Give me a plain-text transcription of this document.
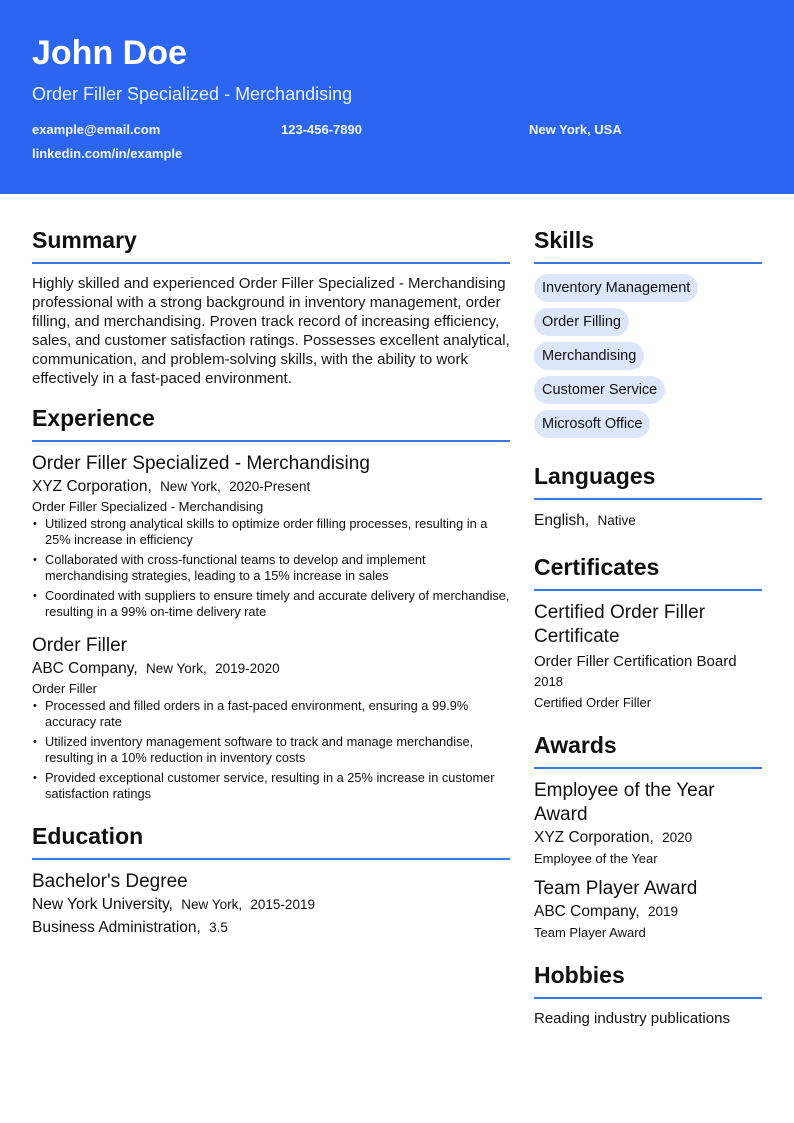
John Doe
Order Filler Specialized - Merchandising
example@email.com	123-456-7890	New York, USA
linkedin.com/in/example
Summary

Highly skilled and experienced Order Filler Specialized - Merchandising professional with a strong background in inventory management, order filling, and merchandising. Proven track record of increasing efficiency, sales, and customer satisfaction ratings. Possesses excellent analytical, communication, and problem-solving skills, with the ability to work effectively in a fast-paced environment.

Experience
Order Filler Specialized - Merchandising
XYZ Corporation, New York, 2020-Present
Order Filler Specialized - Merchandising
• Utilized strong analytical skills to optimize order filling processes, resulting in a 25% increase in efficiency
• Collaborated with cross-functional teams to develop and implement merchandising strategies, leading to a 15% increase in sales
• Coordinated with suppliers to ensure timely and accurate delivery of merchandise, resulting in a 99% on-time delivery rate
Order Filler
ABC Company, New York, 2019-2020
Order Filler
• Processed and filled orders in a fast-paced environment, ensuring a 99.9% accuracy rate
• Utilized inventory management software to track and manage merchandise, resulting in a 10% reduction in inventory costs
• Provided exceptional customer service, resulting in a 25% increase in customer satisfaction ratings
Education
Bachelor's Degree
New York University, New York, 2015-2019
Business Administration, 3.5
Skills
Inventory Management
Order Filling
Merchandising
Customer Service
Microsoft Office
Languages
English, Native
Certificates
Certified Order Filler Certificate
Order Filler Certification Board
2018
Certified Order Filler
Awards
Employee of the Year Award
XYZ Corporation, 2020
Employee of the Year
Team Player Award
ABC Company, 2019
Team Player Award
Hobbies
Reading industry publications
